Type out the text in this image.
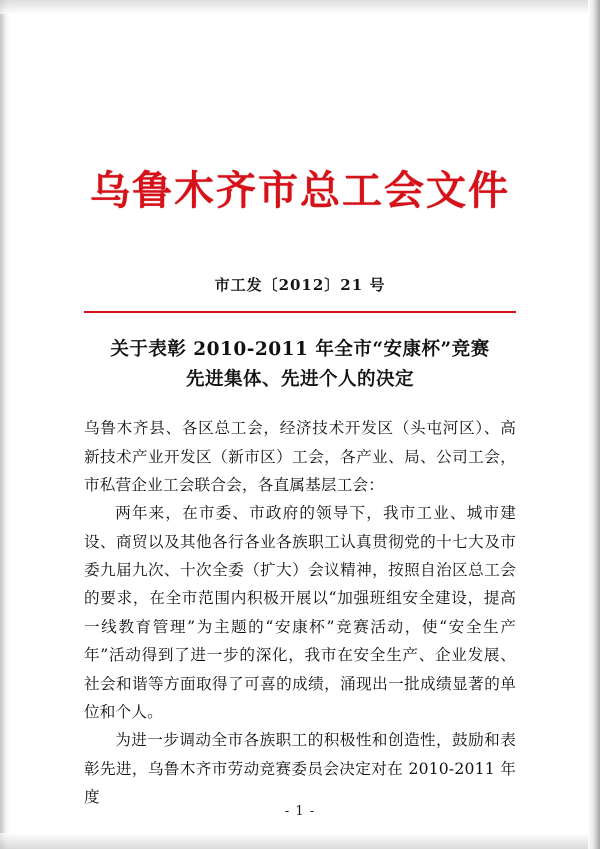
乌鲁木齐市总工会文件
市工发〔2012〕21 号
关于表彰 2010-2011 年全市“安康杯”竞赛
先进集体、先进个人的决定

乌鲁木齐县、各区总工会，经济技术开发区（头屯河区）、高新技术产业开发区（新市区）工会，各产业、局、公司工会，市私营企业工会联合会，各直属基层工会：

两年来，在市委、市政府的领导下，我市工业、城市建设、商贸以及其他各行各业各族职工认真贯彻党的十七大及市委九届九次、十次全委（扩大）会议精神，按照自治区总工会的要求，在全市范围内积极开展以“加强班组安全建设，提高一线教育管理”为主题的“安康杯”竞赛活动，使“安全生产年”活动得到了进一步的深化，我市在安全生产、企业发展、社会和谐等方面取得了可喜的成绩，涌现出一批成绩显著的单位和个人。

为进一步调动全市各族职工的积极性和创造性，鼓励和表彰先进，乌鲁木齐市劳动竞赛委员会决定对在 2010-2011 年度

- 1 -
